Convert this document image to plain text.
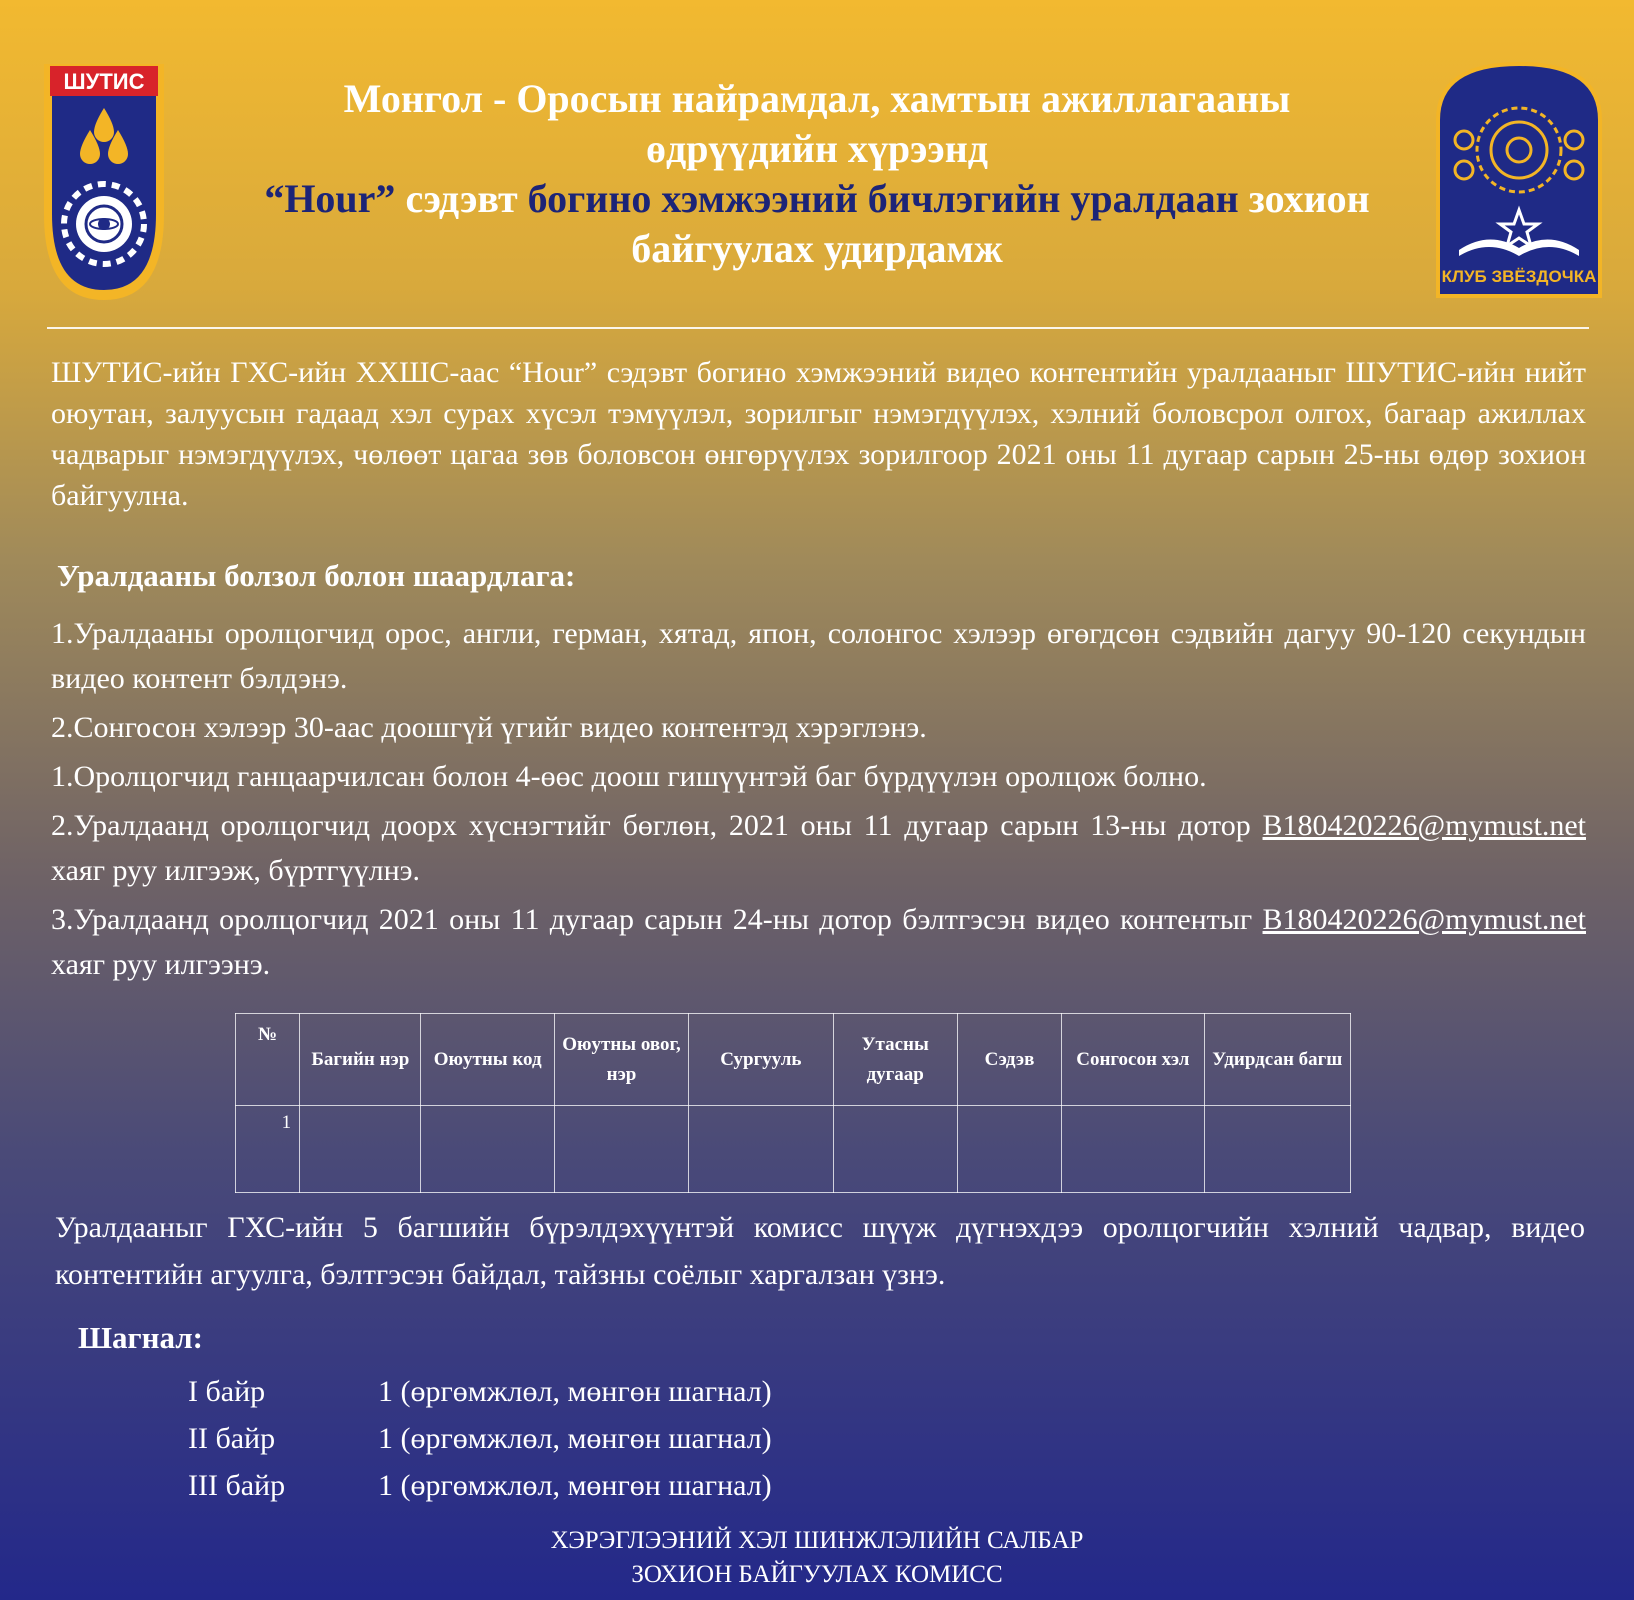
ШУТИС
КЛУБ ЗВЁЗДОЧКА
Монгол - Оросын найрамдал, хамтын ажиллагааны
өдрүүдийн хүрээнд
“Hour” сэдэвт богино хэмжээний бичлэгийн уралдаан зохион
байгуулах удирдамж
ШУТИС-ийн ГХС-ийн ХХШС-аас “Hour” сэдэвт богино хэмжээний видео контентийн уралдааныг ШУТИС-ийн нийт оюутан, залуусын гадаад хэл сурах хүсэл тэмүүлэл, зорилгыг нэмэгдүүлэх, хэлний боловсрол олгох, багаар ажиллах чадварыг нэмэгдүүлэх, чөлөөт цагаа зөв боловсон өнгөрүүлэх зорилгоор 2021 оны 11 дугаар сарын 25-ны өдөр зохион байгуулна.
Уралдааны болзол болон шаардлага:

1.Уралдааны оролцогчид орос, англи, герман, хятад, япон, солонгос хэлээр өгөгдсөн сэдвийн дагуу 90-120 секундын видео контент бэлдэнэ.

2.Сонгосон хэлээр 30-аас доошгүй үгийг видео контентэд хэрэглэнэ.

1.Оролцогчид ганцаарчилсан болон 4-өөс доош гишүүнтэй баг бүрдүүлэн оролцож болно.

2.Уралдаанд оролцогчид доорх хүснэгтийг бөглөн, 2021 оны 11 дугаар сарын 13-ны дотор B180420226@mymust.net хаяг руу илгээж, бүртгүүлнэ.

3.Уралдаанд оролцогчид 2021 оны 11 дугаар сарын 24-ны дотор бэлтгэсэн видео контентыг B180420226@mymust.net хаяг руу илгээнэ.

№	Багийн нэр	Оюутны код	Оюутны овог, нэр	Сургууль	Утасны дугаар	Сэдэв	Сонгосон хэл	Удирдсан багш
1								
Уралдааныг ГХС-ийн 5 багшийн бүрэлдэхүүнтэй комисс шүүж дүгнэхдээ оролцогчийн хэлний чадвар, видео контентийн агуулга, бэлтгэсэн байдал, тайзны соёлыг харгалзан үзнэ.
Шагнал:
I байр	1 (өргөмжлөл, мөнгөн шагнал)
II байр	1 (өргөмжлөл, мөнгөн шагнал)
III байр	1 (өргөмжлөл, мөнгөн шагнал)
ХЭРЭГЛЭЭНИЙ ХЭЛ ШИНЖЛЭЛИЙН САЛБАР
ЗОХИОН БАЙГУУЛАХ КОМИСС
